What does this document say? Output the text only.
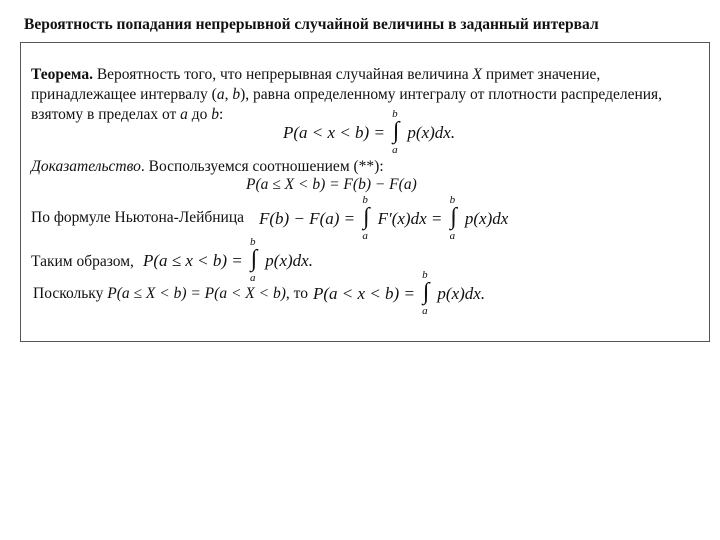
Вероятность попадания непрерывной случайной величины в заданный интервал
Теорема. Вероятность того, что непрерывная случайная величина X примет значение,
принадлежащее интервалу (a, b), равна определенному интегралу от плотности распределения,
взятому в пределах от a до b:
P(a < x < b) =
b
∫
a
p(x)dx.
Доказательство. Воспользуемся соотношением (**):
P(a ≤ X < b) = F(b) − F(a)
По формуле Ньютона-Лейбница F(b) − F(a) =
b
∫
a
F′(x)dx =
b
∫
a
p(x)dx
Таким образом, P(a ≤ x < b) =
b
∫
a
p(x)dx.
Поскольку P(a ≤ X < b) = P(a < X < b), то P(a < x < b) =
b
∫
a
p(x)dx.
